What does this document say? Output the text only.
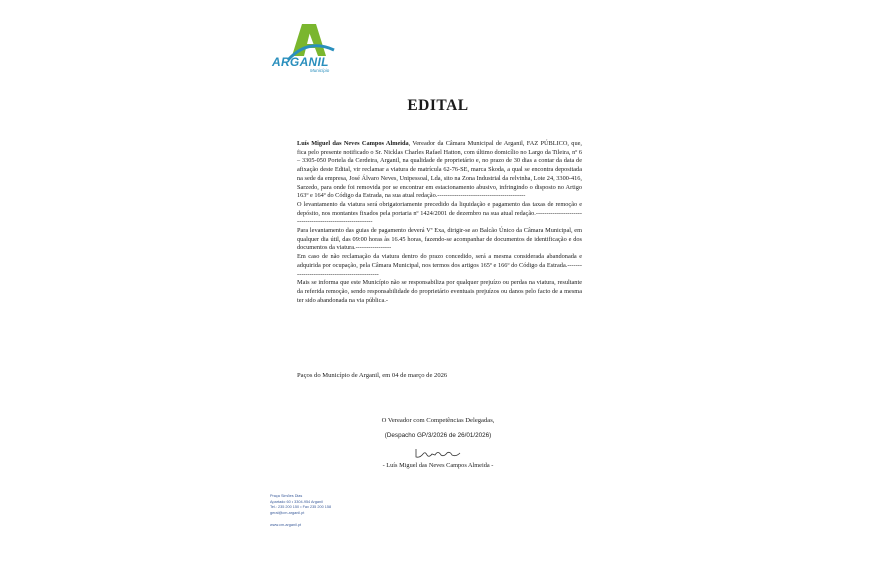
ARGANIL
Município
EDITAL

Luís Miguel das Neves Campos Almeida, Vereador da Câmara Municipal de Arganil, FAZ PÚBLICO, que, fica pelo presente notificado o Sr. Nicklas Charles Rafael Hatton, com último domicílio no Largo da Tileira, nº 6 – 3305-050 Portela da Cerdeira, Arganil, na qualidade de proprietário e, no prazo de 30 dias a contar da data de afixação deste Edital, vir reclamar a viatura de matrícula 62-76-SE, marca Skoda, a qual se encontra depositada na sede da empresa, José Álvaro Neves, Unipessoal, Lda, sito na Zona Industrial da relvinha, Lote 24, 3300-416, Sarzedo, para onde foi removida por se encontrar em estacionamento abusivo, infringindo o disposto no Artigo 163º e 164º do Código da Estrada, na sua atual redação.------------------------------------------

O levantamento da viatura será obrigatoriamente precedido da liquidação e pagamento das taxas de remoção e depósito, nos montantes fixados pela portaria nº 1424/2001 de dezembro na sua atual redação.----------------------------------------------------------

Para levantamento das guias de pagamento deverá Vª Exa, dirigir-se ao Balcão Único da Câmara Municipal, em qualquer dia útil, das 09:00 horas às 16.45 horas, fazendo-se acompanhar de documentos de identificação e dos documentos da viatura.-----------------

Em caso de não reclamação da viatura dentro do prazo concedido, será a mesma considerada abandonada e adquirida por ocupação, pela Câmara Municipal, nos termos dos artigos 165º e 166º do Código da Estrada.----------------------------------------------

Mais se informa que este Município não se responsabiliza por qualquer prejuízo ou perdas na viatura, resultante da referida remoção, sendo responsabilidade do proprietário eventuais prejuízos ou danos pelo facto de a mesma ter sido abandonada na via pública.-

Paços do Município de Arganil, em 04 de março de 2026
O Vereador com Competências Delegadas,
(Despacho GP/3/2026 de 26/01/2026)
- Luís Miguel das Neves Campos Almeida -
Praça Simões Dias
Apartado 60 • 3304-954 Arganil
Tel.: 235 200 150 • Fax 235 200 158
geral@cm-arganil.pt
www.cm-arganil.pt
